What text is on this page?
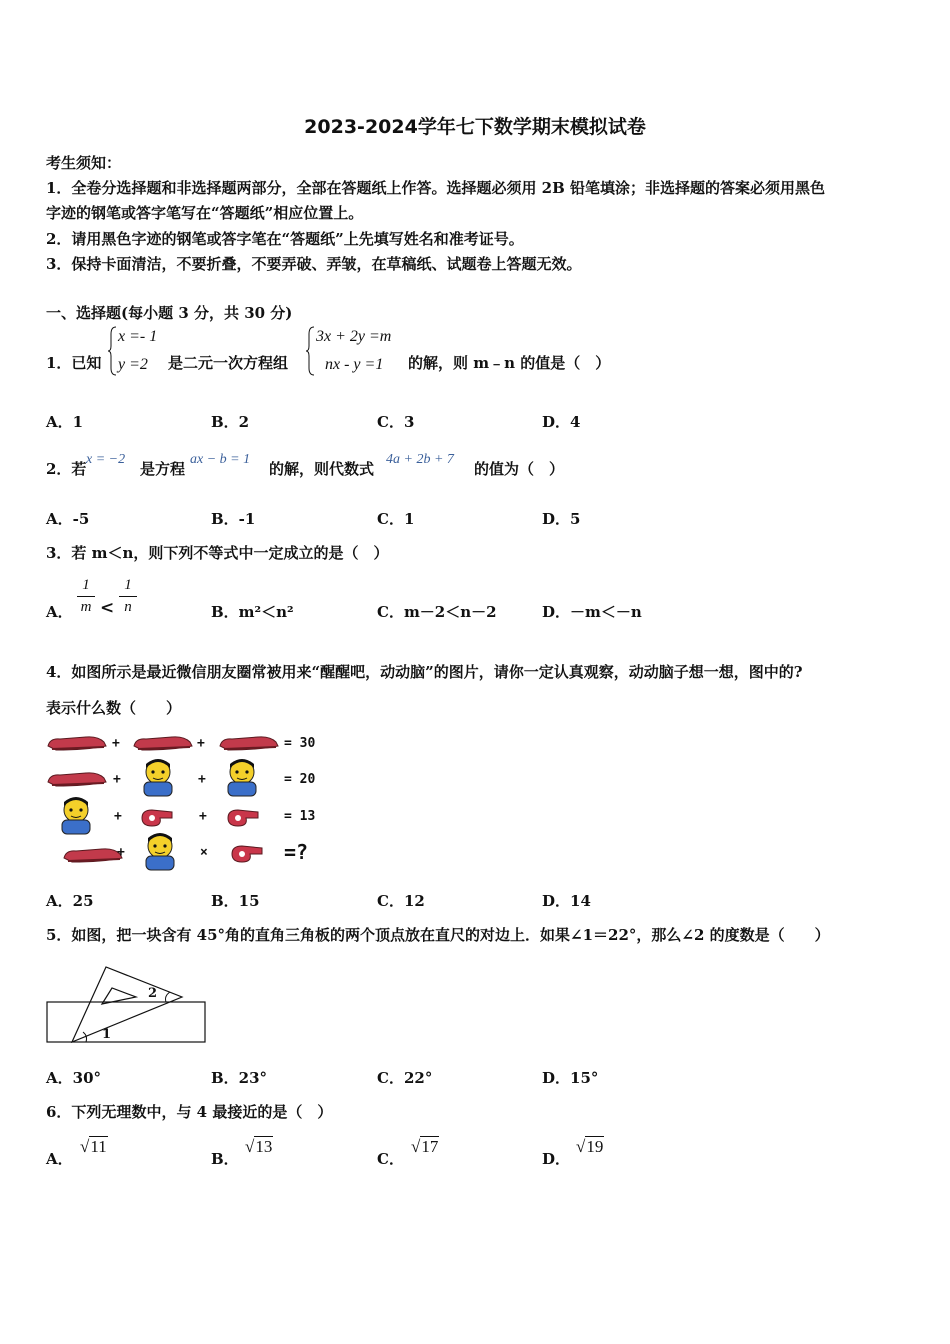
2023-2024学年七下数学期末模拟试卷
考生须知：
1．全卷分选择题和非选择题两部分，全部在答题纸上作答。选择题必须用 2B 铅笔填涂；非选择题的答案必须用黑色
字迹的钢笔或答字笔写在“答题纸”相应位置上。
2．请用黑色字迹的钢笔或答字笔在“答题纸”上先填写姓名和准考证号。
3．保持卡面清洁，不要折叠，不要弄破、弄皱，在草稿纸、试题卷上答题无效。
一、选择题(每小题 3 分，共 30 分)
1．已知
x =- 1
y =2 是二元一次方程组
3x + 2y =m
nx - y =1 的解，则 m﹣n 的值是（　）
A．1	B．2	C．3	D．4
2．若
x = −2
是方程
ax − b = 1
的解，则代数式
4a + 2b + 7
的值为（　）
A．-5	B．-1	C．1	D．5
3．若 m＜n，则下列不等式中一定成立的是（　）
A．
1
m <
1
n	B．m²＜n²	C．m－2＜n－2	D．－m＜－n
4．如图所示是最近微信朋友圈常被用来“醒醒吧，动动脑”的图片，请你一定认真观察，动动脑子想一想，图中的?
表示什么数（　　）
+	+
+	+
+	+
+	×
= 30
= 20
= 13
=?
A．25	B．15	C．12	D．14
5．如图，把一块含有 45°角的直角三角板的两个顶点放在直尺的对边上．如果∠1＝22°，那么∠2 的度数是（　　）
1
2
A．30°	B．23°	C．22°	D．15°
6．下列无理数中，与 4 最接近的是（　）
A．
√11
B．
√13
C．
√17
D．
√19
